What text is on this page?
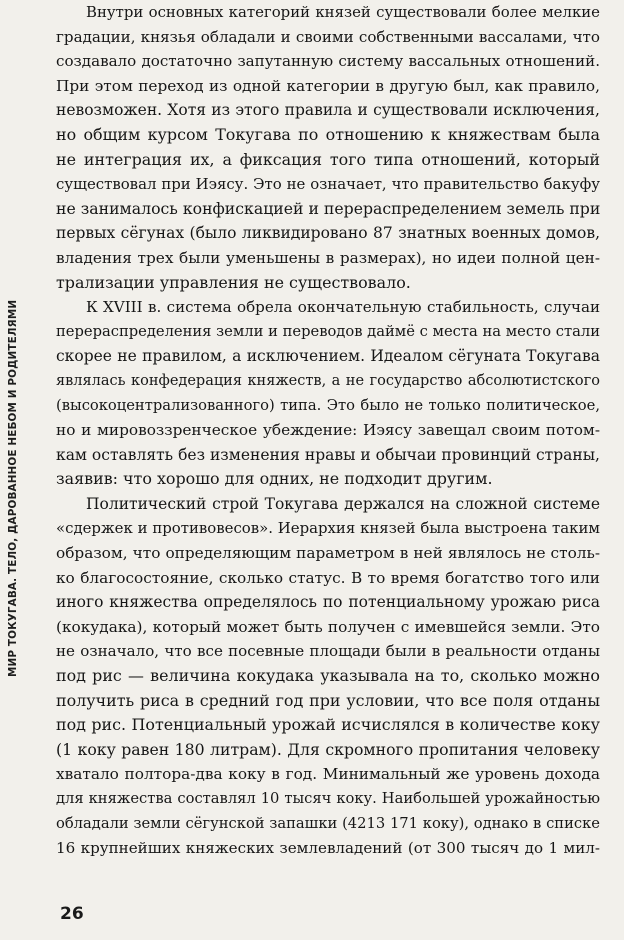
МИР ТОКУГАВА. ТЕЛО, ДАРОВАННОЕ НЕБОМ И РОДИТЕЛЯМИ
Внутри основных категорий князей существовали более мелкие
градации, князья обладали и своими собственными вассалами, что
создавало достаточно запутанную систему вассальных отношений.
При этом переход из одной категории в другую был, как правило,
невозможен. Хотя из этого правила и существовали исключения,
но общим курсом Токугава по отношению к княжествам была
не интеграция их, а фиксация того типа отношений, который
существовал при Иэясу. Это не означает, что правительство бакуфу
не занималось конфискацией и перераспределением земель при
первых сёгунах (было ликвидировано 87 знатных военных домов,
владения трех были уменьшены в размерах), но идеи полной цен-
трализации управления не существовало.
К XVIII в. система обрела окончательную стабильность, случаи
перераспределения земли и переводов даймё с места на место стали
скорее не правилом, а исключением. Идеалом сёгуната Токугава
являлась конфедерация княжеств, а не государство абсолютистского
(высокоцентрализованного) типа. Это было не только политическое,
но и мировоззренческое убеждение: Иэясу завещал своим потом-
кам оставлять без изменения нравы и обычаи провинций страны,
заявив: что хорошо для одних, не подходит другим.
Политический строй Токугава держался на сложной системе
«сдержек и противовесов». Иерархия князей была выстроена таким
образом, что определяющим параметром в ней являлось не столь-
ко благосостояние, сколько статус. В то время богатство того или
иного княжества определялось по потенциальному урожаю риса
(кокудака), который может быть получен с имевшейся земли. Это
не означало, что все посевные площади были в реальности отданы
под рис — величина кокудака указывала на то, сколько можно
получить риса в средний год при условии, что все поля отданы
под рис. Потенциальный урожай исчислялся в количестве коку
(1 коку равен 180 литрам). Для скромного пропитания человеку
хватало полтора-два коку в год. Минимальный же уровень дохода
для княжества составлял 10 тысяч коку. Наибольшей урожайностью
обладали земли сёгунской запашки (4213 171 коку), однако в списке
16 крупнейших княжеских землевладений (от 300 тысяч до 1 мил-
26
